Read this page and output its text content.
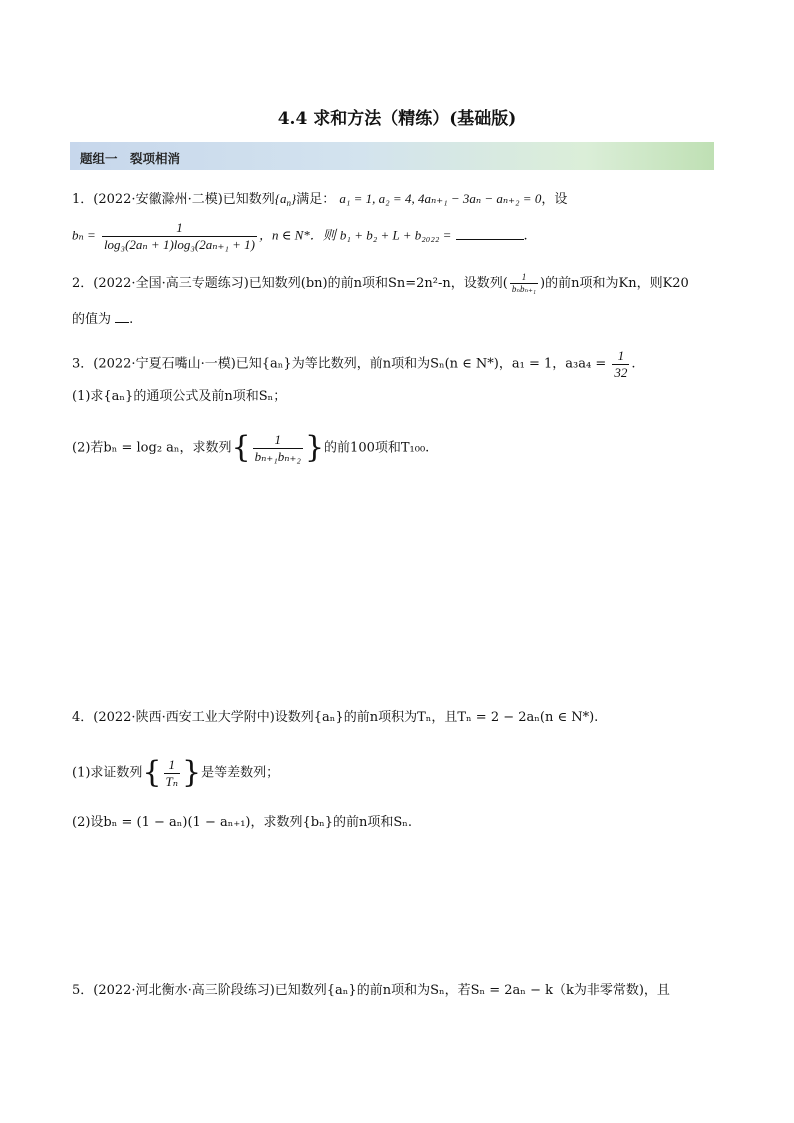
4.4 求和方法（精练）(基础版)
题组一　裂项相消
1．(2022·安徽滁州·二模)已知数列$\{a_n\}$满足： a₁ = 1, a₂ = 4, 4aₙ₊₁ − 3aₙ − aₙ₊₂ = 0，设
$b_n = \frac{1}{\text{log₃(2aₙ + 1)log₃(2aₙ₊₁ + 1)}}$ ，n ∈ N*．则 b₁ + b₂ + L + b₂₀₂₂ =	.
2．(2022·全国·高三专题练习)已知数列(bn)的前n项和Sn=2n²-n，设数列( $\frac{1}{\text{bₙbₙ₊₁}}$ )的前n项和为Kn，则K20
的值为 .
3．(2022·宁夏石嘴山·一模)已知{aₙ}为等比数列，前n项和为Sₙ(n ∈ N*)，a₁ = 1，$a_3a_4 = \frac{1}{32}$ .
(1)求{aₙ}的通项公式及前n项和Sₙ；
(2)若bₙ = log₂ aₙ，求数列{ $\frac{1}{\text{bₙ₊₁bₙ₊₂}}$ }的前100项和T₁₀₀.
4．(2022·陕西·西安工业大学附中)设数列{aₙ}的前n项积为Tₙ，且Tₙ = 2 − 2aₙ(n ∈ N*).
(1)求证数列{ $\frac{1}{\text{Tₙ}}$ }是等差数列；
(2)设bₙ = (1 − aₙ)(1 − aₙ₊₁)，求数列{bₙ}的前n项和Sₙ.
5．(2022·河北衡水·高三阶段练习)已知数列{aₙ}的前n项和为Sₙ，若Sₙ = 2aₙ − k（k为非零常数)，且
